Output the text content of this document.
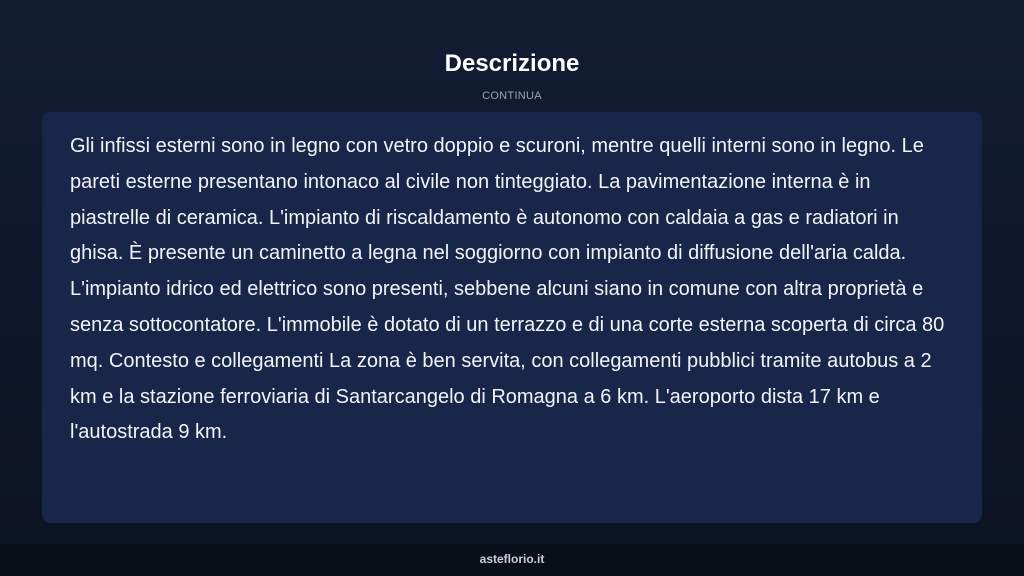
Descrizione
CONTINUA

Gli infissi esterni sono in legno con vetro doppio e scuroni, mentre quelli interni sono in legno. Le pareti esterne presentano intonaco al civile non tinteggiato. La pavimentazione interna è in piastrelle di ceramica. L'impianto di riscaldamento è autonomo con caldaia a gas e radiatori in ghisa. È presente un caminetto a legna nel soggiorno con impianto di diffusione dell'aria calda. L'impianto idrico ed elettrico sono presenti, sebbene alcuni siano in comune con altra proprietà e senza sottocontatore. L'immobile è dotato di un terrazzo e di una corte esterna scoperta di circa 80 mq. Contesto e collegamenti La zona è ben servita, con collegamenti pubblici tramite autobus a 2 km e la stazione ferroviaria di Santarcangelo di Romagna a 6 km. L'aeroporto dista 17 km e l'autostrada 9 km.

asteflorio.it
